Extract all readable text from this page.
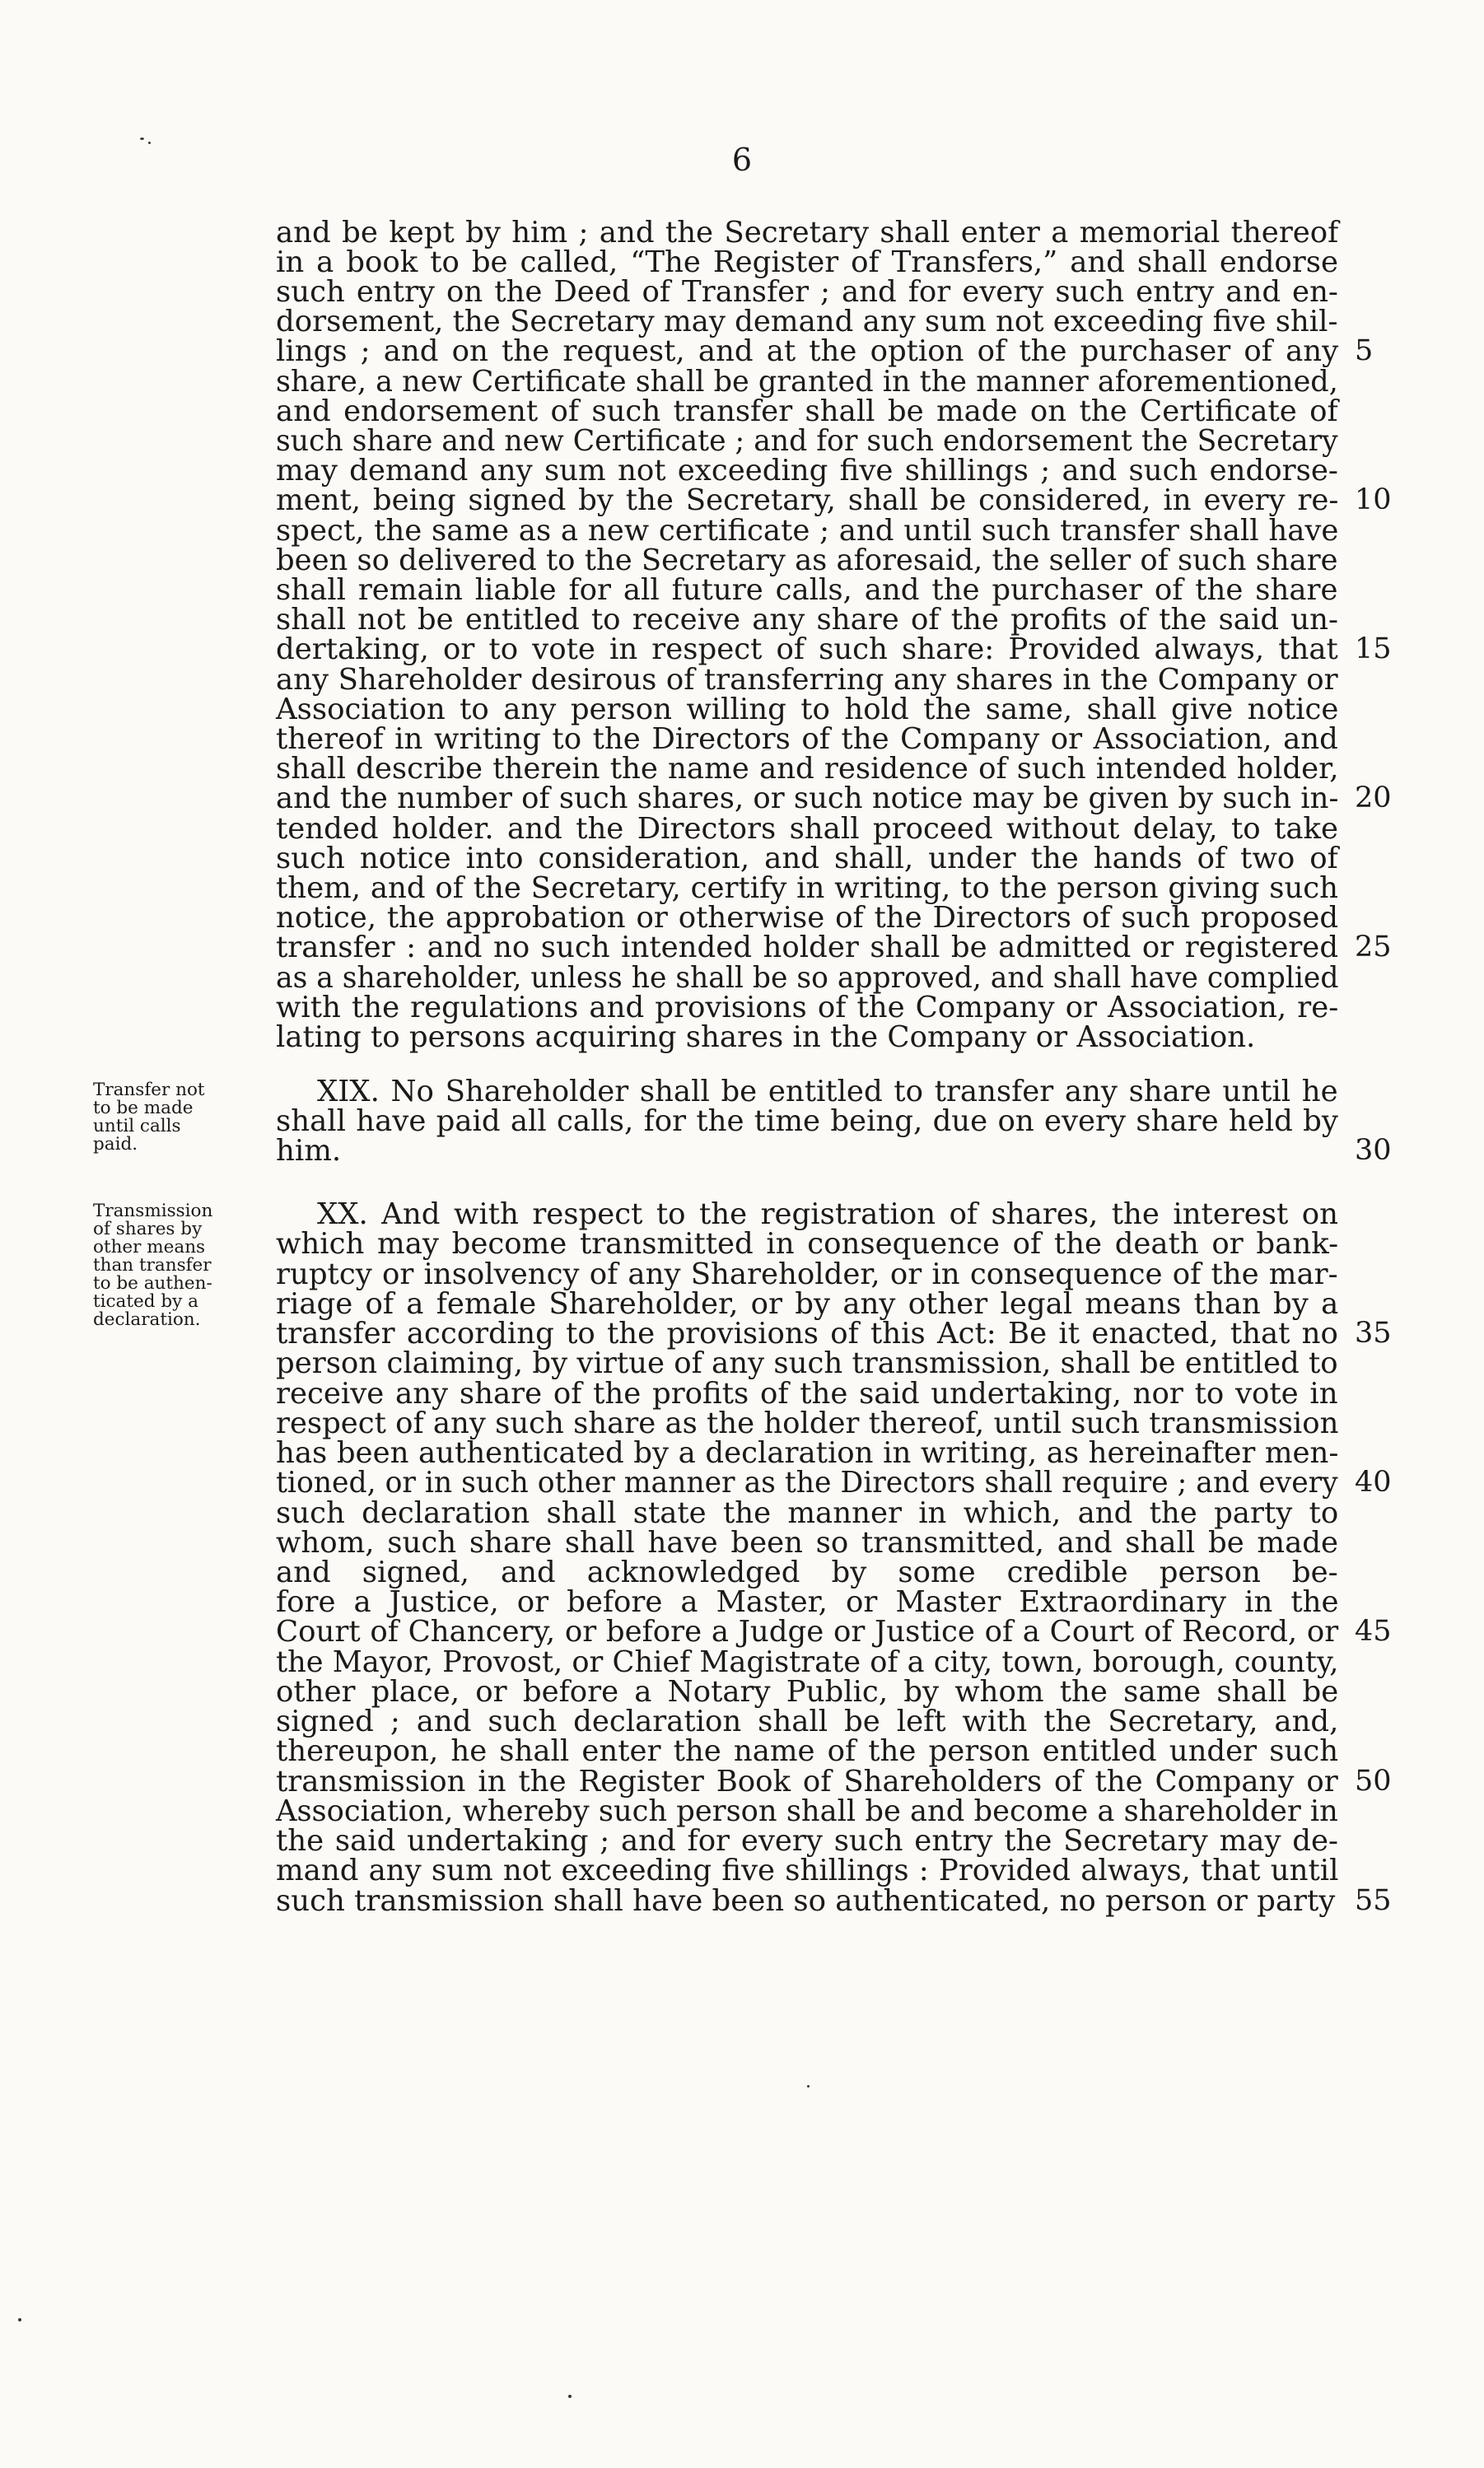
6
and be kept by him ; and the Secretary shall enter a memorial thereof
in a book to be called, “The Register of Transfers,” and shall endorse
such entry on the Deed of Transfer ; and for every such entry and en-
dorsement, the Secretary may demand any sum not exceeding five shil-
lings ; and on the request, and at the option of the purchaser of any
share, a new Certificate shall be granted in the manner aforementioned,
and endorsement of such transfer shall be made on the Certificate of
such share and new Certificate ; and for such endorsement the Secretary
may demand any sum not exceeding five shillings ; and such endorse-
ment, being signed by the Secretary, shall be considered, in every re-
spect, the same as a new certificate ; and until such transfer shall have
been so delivered to the Secretary as aforesaid, the seller of such share
shall remain liable for all future calls, and the purchaser of the share
shall not be entitled to receive any share of the profits of the said un-
dertaking, or to vote in respect of such share: Provided always, that
any Shareholder desirous of transferring any shares in the Company or
Association to any person willing to hold the same, shall give notice
thereof in writing to the Directors of the Company or Association, and
shall describe therein the name and residence of such intended holder,
and the number of such shares, or such notice may be given by such in-
tended holder. and the Directors shall proceed without delay, to take
such notice into consideration, and shall, under the hands of two of
them, and of the Secretary, certify in writing, to the person giving such
notice, the approbation or otherwise of the Directors of such proposed
transfer : and no such intended holder shall be admitted or registered
as a shareholder, unless he shall be so approved, and shall have complied
with the regulations and provisions of the Company or Association, re-
lating to persons acquiring shares in the Company or Association.
XIX. No Shareholder shall be entitled to transfer any share until he
shall have paid all calls, for the time being, due on every share held by
him.
XX. And with respect to the registration of shares, the interest on
which may become transmitted in consequence of the death or bank-
ruptcy or insolvency of any Shareholder, or in consequence of the mar-
riage of a female Shareholder, or by any other legal means than by a
transfer according to the provisions of this Act: Be it enacted, that no
person claiming, by virtue of any such transmission, shall be entitled to
receive any share of the profits of the said undertaking, nor to vote in
respect of any such share as the holder thereof, until such transmission
has been authenticated by a declaration in writing, as hereinafter men-
tioned, or in such other manner as the Directors shall require ; and every
such declaration shall state the manner in which, and the party to
whom, such share shall have been so transmitted, and shall be made
and signed, and acknowledged by some credible person be-
fore a Justice, or before a Master, or Master Extraordinary in the
Court of Chancery, or before a Judge or Justice of a Court of Record, or
the Mayor, Provost, or Chief Magistrate of a city, town, borough, county,
other place, or before a Notary Public, by whom the same shall be
signed ; and such declaration shall be left with the Secretary, and,
thereupon, he shall enter the name of the person entitled under such
transmission in the Register Book of Shareholders of the Company or
Association, whereby such person shall be and become a shareholder in
the said undertaking ; and for every such entry the Secretary may de-
mand any sum not exceeding five shillings : Provided always, that until
such transmission shall have been so authenticated, no person or party
5
10
15
20
25
30
35
40
45
50
55
Transfer not
to be made
until calls
paid.
Transmission
of shares by
other means
than transfer
to be authen-
ticated by a
declaration.
